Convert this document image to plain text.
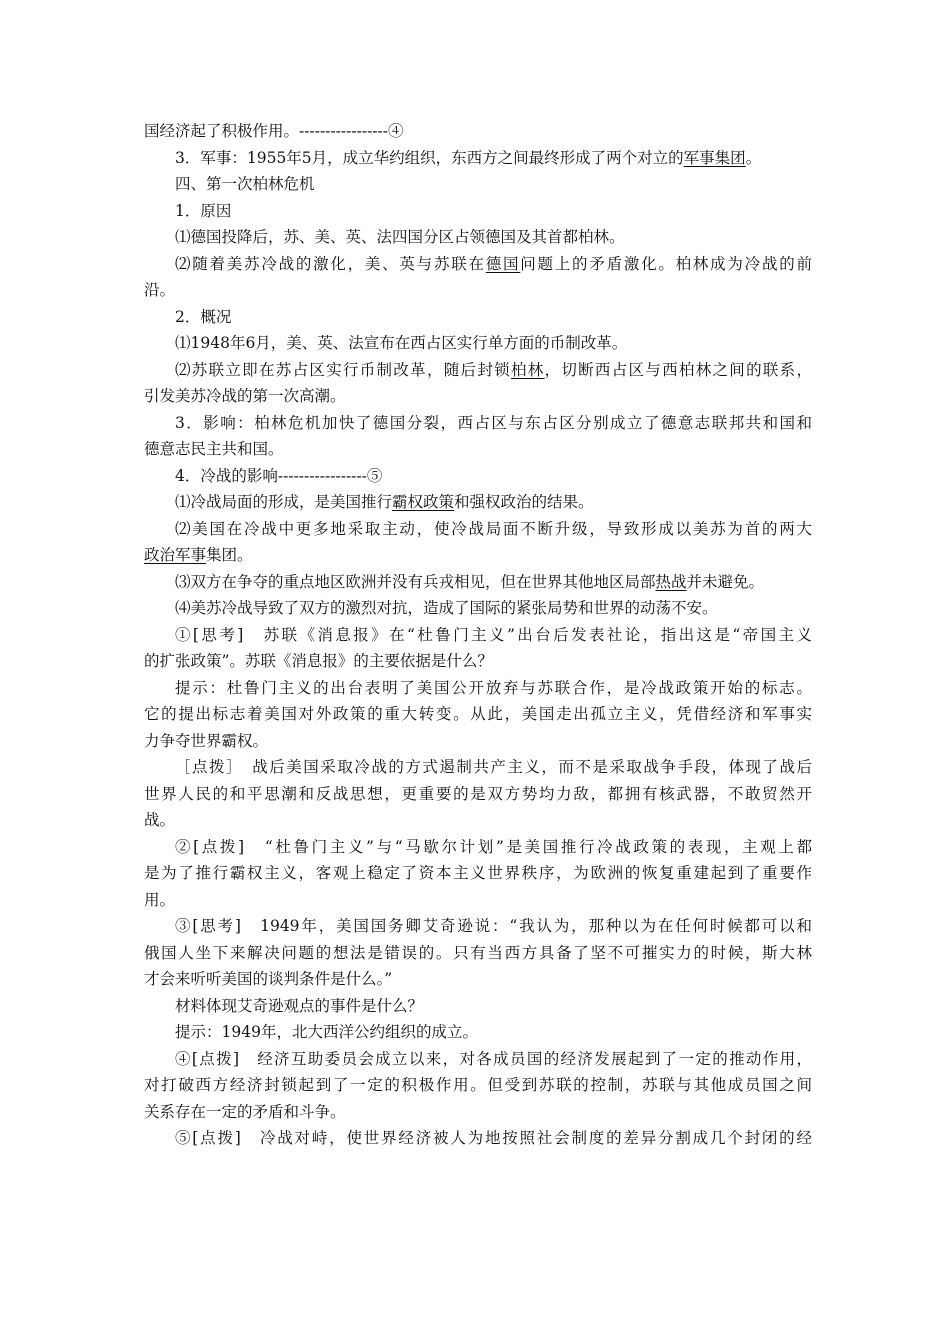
国经济起了积极作用。-----------------④
3．军事：1955年5月，成立华约组织，东西方之间最终形成了两个对立的军事集团。
四、第一次柏林危机
1．原因
⑴德国投降后，苏、美、英、法四国分区占领德国及其首都柏林。
⑵随着美苏冷战的激化，美、英与苏联在德国问题上的矛盾激化。柏林成为冷战的前
沿。
2．概况
⑴1948年6月，美、英、法宣布在西占区实行单方面的币制改革。
⑵苏联立即在苏占区实行币制改革，随后封锁柏林，切断西占区与西柏林之间的联系，
引发美苏冷战的第一次高潮。
3．影响：柏林危机加快了德国分裂，西占区与东占区分别成立了德意志联邦共和国和
德意志民主共和国。
4．冷战的影响-----------------⑤
⑴冷战局面的形成，是美国推行霸权政策和强权政治的结果。
⑵美国在冷战中更多地采取主动，使冷战局面不断升级，导致形成以美苏为首的两大
政治军事集团。
⑶双方在争夺的重点地区欧洲并没有兵戎相见，但在世界其他地区局部热战并未避免。
⑷美苏冷战导致了双方的激烈对抗，造成了国际的紧张局势和世界的动荡不安。
①[思考]　苏联《消息报》在“杜鲁门主义”出台后发表社论，指出这是“帝国主义
的扩张政策”。苏联《消息报》的主要依据是什么？
提示：杜鲁门主义的出台表明了美国公开放弃与苏联合作，是冷战政策开始的标志。
它的提出标志着美国对外政策的重大转变。从此，美国走出孤立主义，凭借经济和军事实
力争夺世界霸权。
［点拨］　战后美国采取冷战的方式遏制共产主义，而不是采取战争手段，体现了战后
世界人民的和平思潮和反战思想，更重要的是双方势均力敌，都拥有核武器，不敢贸然开
战。
②[点拨]　“杜鲁门主义”与“马歇尔计划”是美国推行冷战政策的表现，主观上都
是为了推行霸权主义，客观上稳定了资本主义世界秩序，为欧洲的恢复重建起到了重要作
用。
③[思考]　1949年，美国国务卿艾奇逊说：“我认为，那种以为在任何时候都可以和
俄国人坐下来解决问题的想法是错误的。只有当西方具备了坚不可摧实力的时候，斯大林
才会来听听美国的谈判条件是什么。”
材料体现艾奇逊观点的事件是什么？
提示：1949年，北大西洋公约组织的成立。
④[点拨]　经济互助委员会成立以来，对各成员国的经济发展起到了一定的推动作用，
对打破西方经济封锁起到了一定的积极作用。但受到苏联的控制，苏联与其他成员国之间
关系存在一定的矛盾和斗争。
⑤[点拨]　冷战对峙，使世界经济被人为地按照社会制度的差异分割成几个封闭的经
